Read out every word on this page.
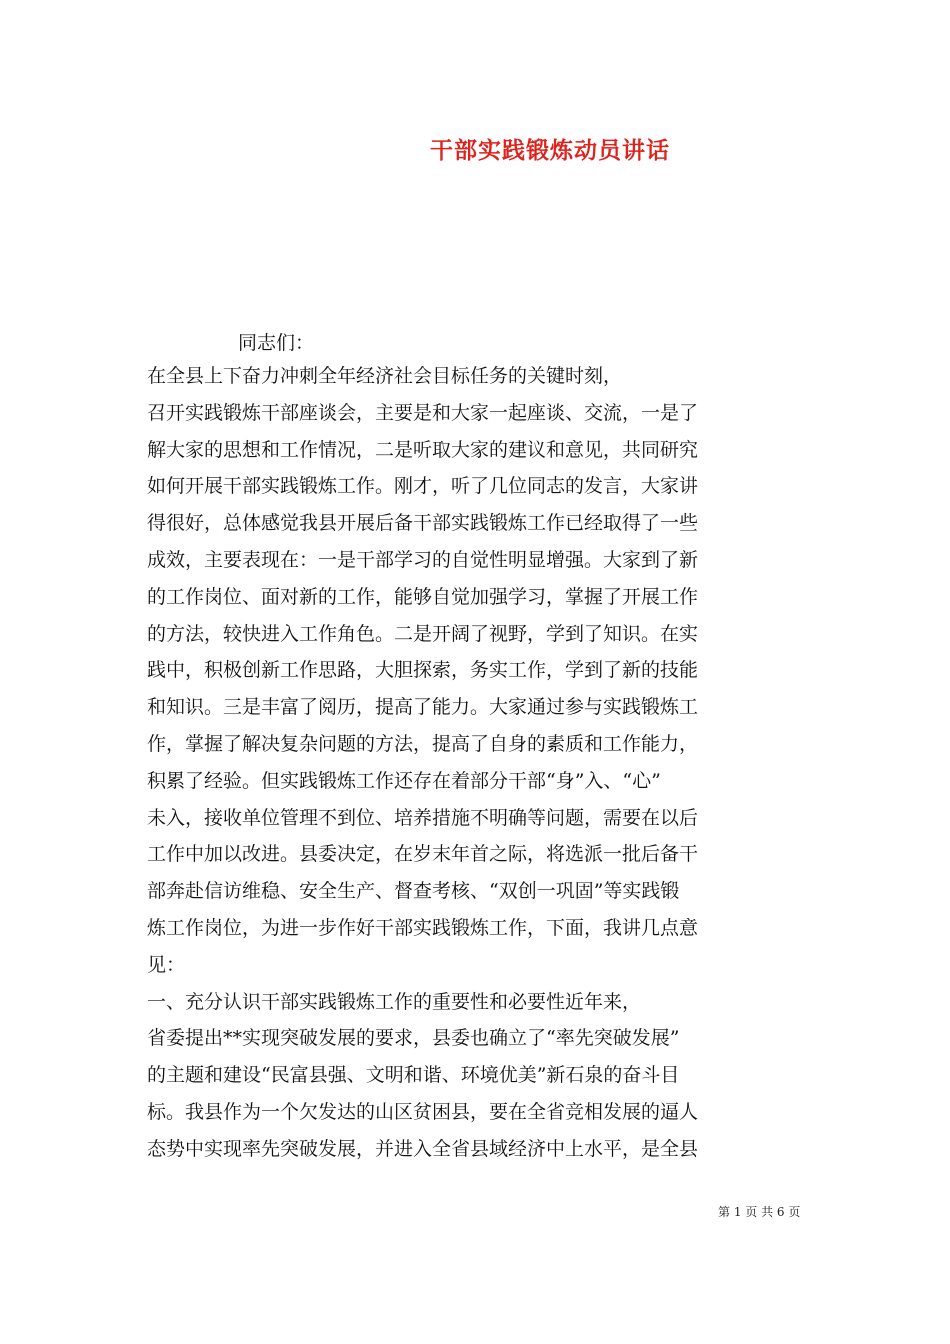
干部实践锻炼动员讲话
同志们：
在全县上下奋力冲刺全年经济社会目标任务的关键时刻，
召开实践锻炼干部座谈会，主要是和大家一起座谈、交流，一是了
解大家的思想和工作情况，二是听取大家的建议和意见，共同研究
如何开展干部实践锻炼工作。刚才，听了几位同志的发言，大家讲
得很好，总体感觉我县开展后备干部实践锻炼工作已经取得了一些
成效，主要表现在：一是干部学习的自觉性明显增强。大家到了新
的工作岗位、面对新的工作，能够自觉加强学习，掌握了开展工作
的方法，较快进入工作角色。二是开阔了视野，学到了知识。在实
践中，积极创新工作思路，大胆探索，务实工作，学到了新的技能
和知识。三是丰富了阅历，提高了能力。大家通过参与实践锻炼工
作，掌握了解决复杂问题的方法，提高了自身的素质和工作能力，
积累了经验。但实践锻炼工作还存在着部分干部“身”入、“心”
未入，接收单位管理不到位、培养措施不明确等问题，需要在以后
工作中加以改进。县委决定，在岁末年首之际，将选派一批后备干
部奔赴信访维稳、安全生产、督查考核、“双创一巩固”等实践锻
炼工作岗位，为进一步作好干部实践锻炼工作，下面，我讲几点意
见：
一、充分认识干部实践锻炼工作的重要性和必要性近年来，
省委提出**实现突破发展的要求，县委也确立了“率先突破发展”
的主题和建设“民富县强、文明和谐、环境优美”新石泉的奋斗目
标。我县作为一个欠发达的山区贫困县，要在全省竞相发展的逼人
态势中实现率先突破发展，并进入全省县域经济中上水平，是全县
第 1 页 共 6 页
